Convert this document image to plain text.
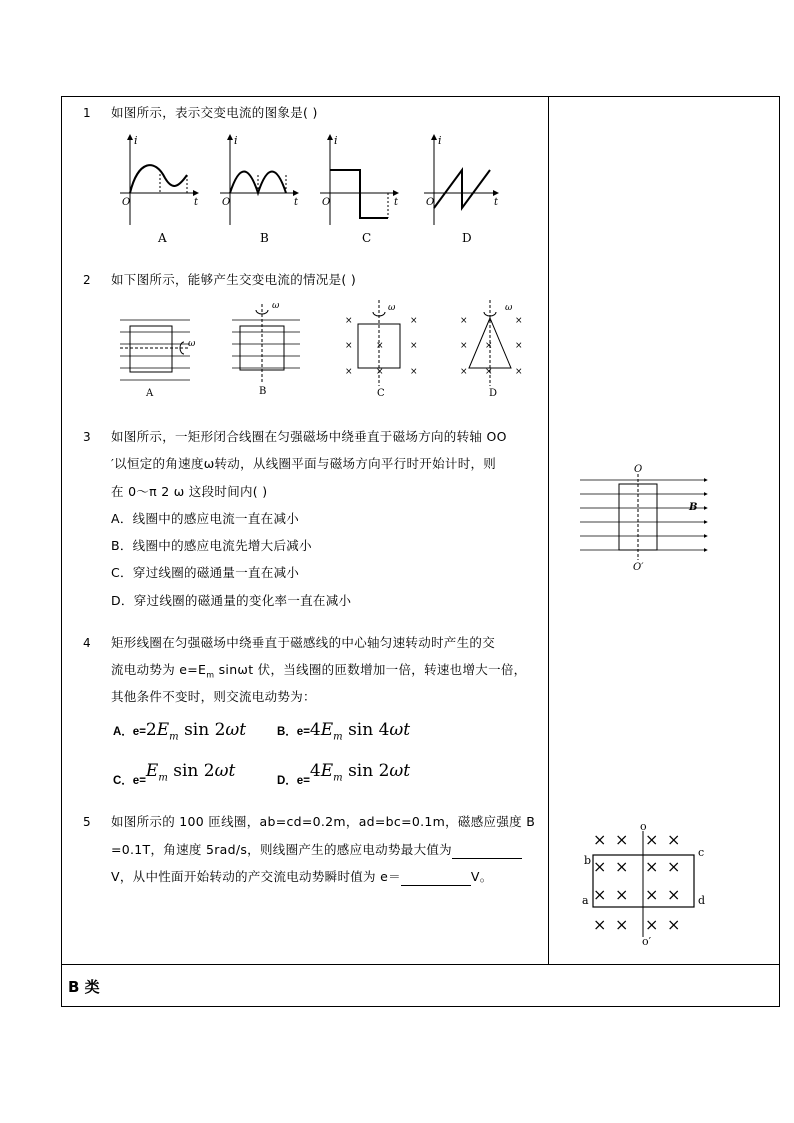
1 如图所示，表示交变电流的图象是( )
i
O	t
A
i
O	t
B
i
O	t
C
i
O	t
D
2 如下图所示，能够产生交变电流的情况是( )
ω
A
ω
B
×	×
×	×
×	×
×
×
ω
C
×	×
×	×
×	×
×
×
ω
D
3 如图所示，一矩形闭合线圈在匀强磁场中绕垂直于磁场方向的转轴 OO
′以恒定的角速度ω转动，从线圈平面与磁场方向平行时开始计时，则
在 0～π 2 ω 这段时间内( )
A．线圈中的感应电流一直在减小
B．线圈中的感应电流先增大后减小
C．穿过线圈的磁通量一直在减小
D．穿过线圈的磁通量的变化率一直在减小
O
O′
B
4 矩形线圈在匀强磁场中绕垂直于磁感线的中心轴匀速转动时产生的交
流电动势为 $e=E_m$ sinωt 伏，当线圈的匝数增加一倍，转速也增大一倍，
其他条件不变时，则交流电动势为：
A．$e=2E_m$ sin 2ωt	B．$e=4E_m$ sin 4ωt
$_{C.e=}E_m$ sin 2ωt	$_{D.e=}4E_m$ sin 2ωt
5 如图所示的 100 匝线圈，ab=cd=0.2m，ad=bc=0.1m，磁感应强度 B
=0.1T，角速度 5rad/s，则线圈产生的感应电动势最大值为
V，从中性面开始转动的产交流电动势瞬时值为 e＝	V。
× × × ×
× × × ×
× × × ×
× × × ×
o
o′
a
b
c
d
B 类
